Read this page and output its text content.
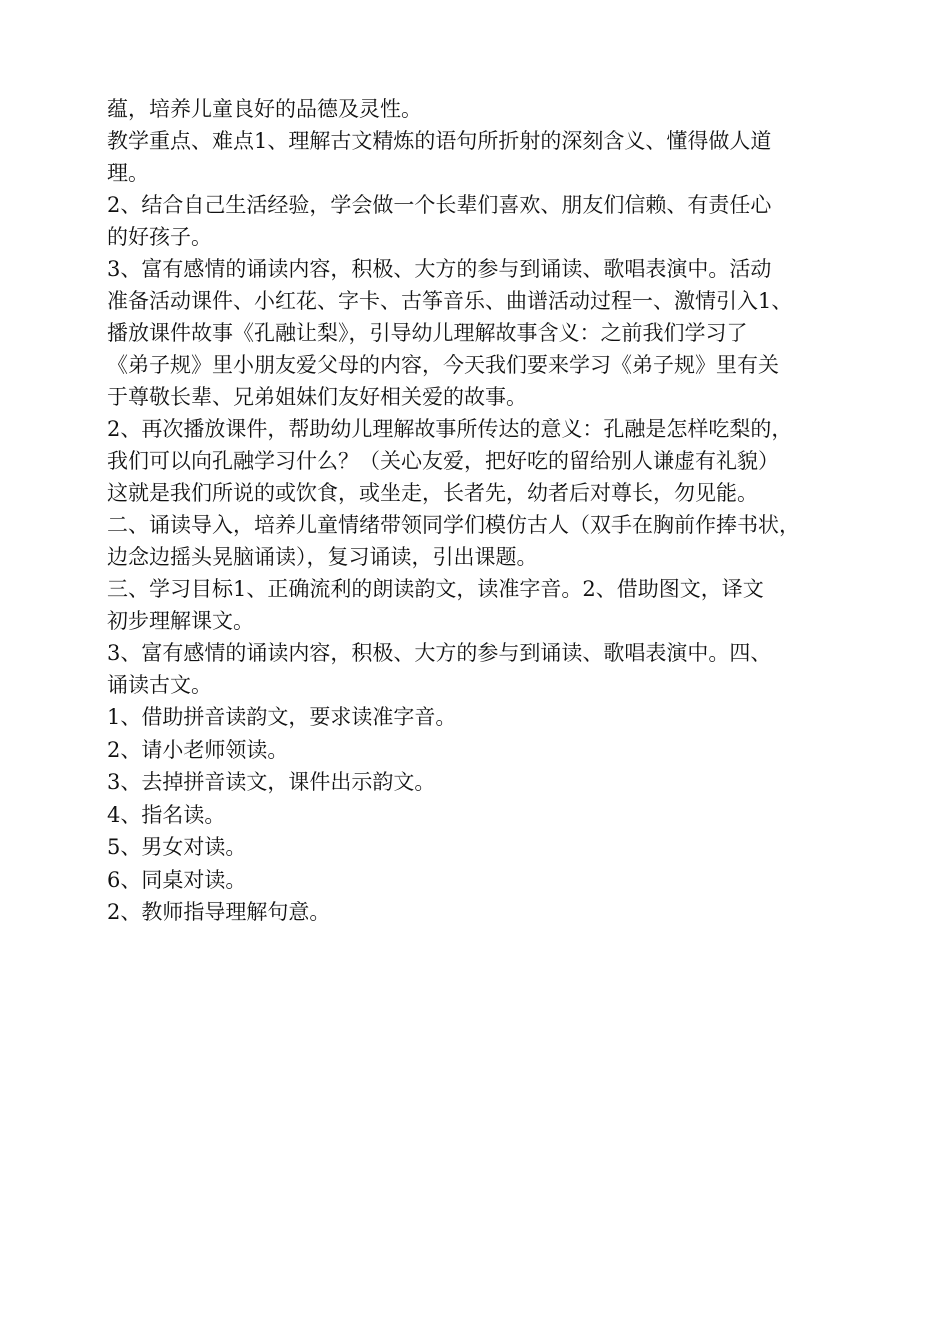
蕴，培养儿童良好的品德及灵性。
教学重点、难点1、理解古文精炼的语句所折射的深刻含义、懂得做人道
理。
2、结合自己生活经验，学会做一个长辈们喜欢、朋友们信赖、有责任心
的好孩子。
3、富有感情的诵读内容，积极、大方的参与到诵读、歌唱表演中。活动
准备活动课件、小红花、字卡、古筝音乐、曲谱活动过程一、激情引入1、
播放课件故事《孔融让梨》，引导幼儿理解故事含义：之前我们学习了
《弟子规》里小朋友爱父母的内容，今天我们要来学习《弟子规》里有关
于尊敬长辈、兄弟姐妹们友好相关爱的故事。
2、再次播放课件，帮助幼儿理解故事所传达的意义：孔融是怎样吃梨的，
我们可以向孔融学习什么？（关心友爱，把好吃的留给别人谦虚有礼貌）
这就是我们所说的或饮食，或坐走，长者先，幼者后对尊长，勿见能。
二、诵读导入，培养儿童情绪带领同学们模仿古人（双手在胸前作捧书状，
边念边摇头晃脑诵读），复习诵读，引出课题。
三、学习目标1、正确流利的朗读韵文，读准字音。2、借助图文，译文
初步理解课文。
3、富有感情的诵读内容，积极、大方的参与到诵读、歌唱表演中。四、
诵读古文。
1、借助拼音读韵文，要求读准字音。
2、请小老师领读。
3、去掉拼音读文，课件出示韵文。
4、指名读。
5、男女对读。
6、同桌对读。
2、教师指导理解句意。
